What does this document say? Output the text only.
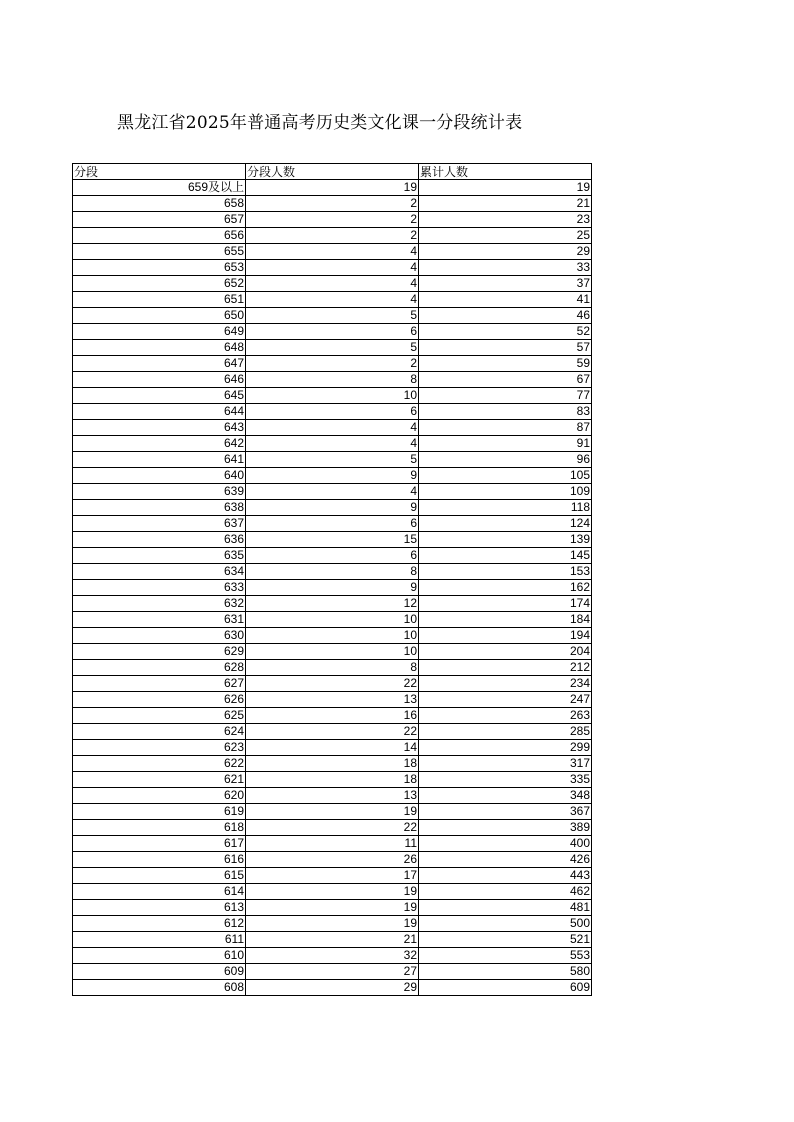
黑龙江省2025年普通高考历史类文化课一分段统计表
分段	分段人数	累计人数
659及以上	19	19
658	2	21
657	2	23
656	2	25
655	4	29
653	4	33
652	4	37
651	4	41
650	5	46
649	6	52
648	5	57
647	2	59
646	8	67
645	10	77
644	6	83
643	4	87
642	4	91
641	5	96
640	9	105
639	4	109
638	9	118
637	6	124
636	15	139
635	6	145
634	8	153
633	9	162
632	12	174
631	10	184
630	10	194
629	10	204
628	8	212
627	22	234
626	13	247
625	16	263
624	22	285
623	14	299
622	18	317
621	18	335
620	13	348
619	19	367
618	22	389
617	11	400
616	26	426
615	17	443
614	19	462
613	19	481
612	19	500
611	21	521
610	32	553
609	27	580
608	29	609
